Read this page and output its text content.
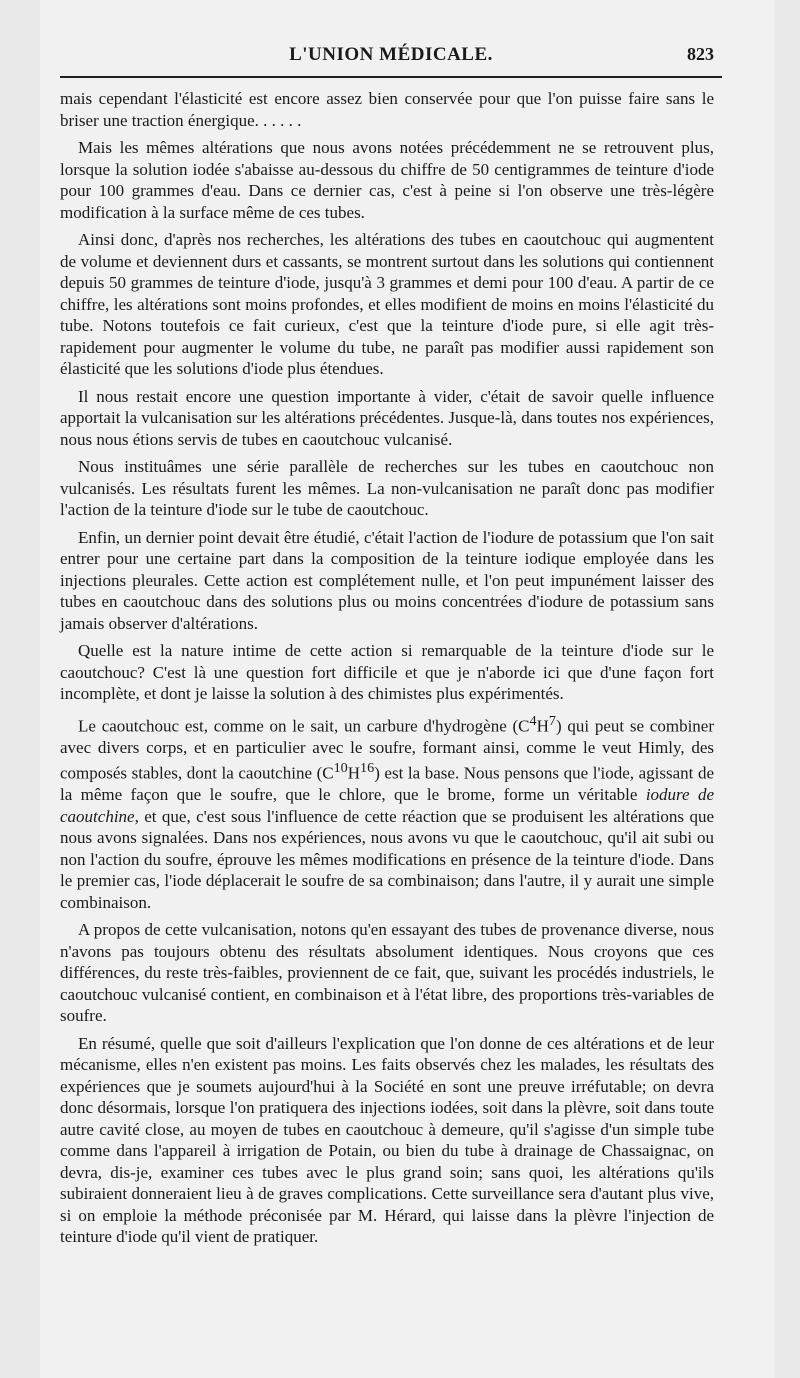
L'UNION MÉDICALE.	823

mais cependant l'élasticité est encore assez bien conservée pour que l'on puisse faire sans le briser une traction énergique. . . . . .

Mais les mêmes altérations que nous avons notées précédemment ne se retrouvent plus, lorsque la solution iodée s'abaisse au-dessous du chiffre de 50 centigrammes de teinture d'iode pour 100 grammes d'eau. Dans ce dernier cas, c'est à peine si l'on observe une très-légère modification à la surface même de ces tubes.

Ainsi donc, d'après nos recherches, les altérations des tubes en caoutchouc qui augmentent de volume et deviennent durs et cassants, se montrent surtout dans les solutions qui contiennent depuis 50 grammes de teinture d'iode, jusqu'à 3 grammes et demi pour 100 d'eau. A partir de ce chiffre, les altérations sont moins profondes, et elles modifient de moins en moins l'élasticité du tube. Notons toutefois ce fait curieux, c'est que la teinture d'iode pure, si elle agit très-rapidement pour augmenter le volume du tube, ne paraît pas modifier aussi rapidement son élasticité que les solutions d'iode plus étendues.

Il nous restait encore une question importante à vider, c'était de savoir quelle influence apportait la vulcanisation sur les altérations précédentes. Jusque-là, dans toutes nos expériences, nous nous étions servis de tubes en caoutchouc vulcanisé.

Nous instituâmes une série parallèle de recherches sur les tubes en caoutchouc non vulcanisés. Les résultats furent les mêmes. La non-vulcanisation ne paraît donc pas modifier l'action de la teinture d'iode sur le tube de caoutchouc.

Enfin, un dernier point devait être étudié, c'était l'action de l'iodure de potassium que l'on sait entrer pour une certaine part dans la composition de la teinture iodique employée dans les injections pleurales. Cette action est complétement nulle, et l'on peut impunément laisser des tubes en caoutchouc dans des solutions plus ou moins concentrées d'iodure de potassium sans jamais observer d'altérations.

Quelle est la nature intime de cette action si remarquable de la teinture d'iode sur le caoutchouc? C'est là une question fort difficile et que je n'aborde ici que d'une façon fort incomplète, et dont je laisse la solution à des chimistes plus expérimentés.

Le caoutchouc est, comme on le sait, un carbure d'hydrogène $(C^4H^7)$ qui peut se combiner avec divers corps, et en particulier avec le soufre, formant ainsi, comme le veut Himly, des composés stables, dont la caoutchine $(C^{10}H^{16})$ est la base. Nous pensons que l'iode, agissant de la même façon que le soufre, que le chlore, que le brome, forme un véritable iodure de caoutchine, et que, c'est sous l'influence de cette réaction que se produisent les altérations que nous avons signalées. Dans nos expériences, nous avons vu que le caoutchouc, qu'il ait subi ou non l'action du soufre, éprouve les mêmes modifications en présence de la teinture d'iode. Dans le premier cas, l'iode déplacerait le soufre de sa combinaison; dans l'autre, il y aurait une simple combinaison.

A propos de cette vulcanisation, notons qu'en essayant des tubes de provenance diverse, nous n'avons pas toujours obtenu des résultats absolument identiques. Nous croyons que ces différences, du reste très-faibles, proviennent de ce fait, que, suivant les procédés industriels, le caoutchouc vulcanisé contient, en combinaison et à l'état libre, des proportions très-variables de soufre.

En résumé, quelle que soit d'ailleurs l'explication que l'on donne de ces altérations et de leur mécanisme, elles n'en existent pas moins. Les faits observés chez les malades, les résultats des expériences que je soumets aujourd'hui à la Société en sont une preuve irréfutable; on devra donc désormais, lorsque l'on pratiquera des injections iodées, soit dans la plèvre, soit dans toute autre cavité close, au moyen de tubes en caoutchouc à demeure, qu'il s'agisse d'un simple tube comme dans l'appareil à irrigation de Potain, ou bien du tube à drainage de Chassaignac, on devra, dis-je, examiner ces tubes avec le plus grand soin; sans quoi, les altérations qu'ils subiraient donneraient lieu à de graves complications. Cette surveillance sera d'autant plus vive, si on emploie la méthode préconisée par M. Hérard, qui laisse dans la plèvre l'injection de teinture d'iode qu'il vient de pratiquer.
